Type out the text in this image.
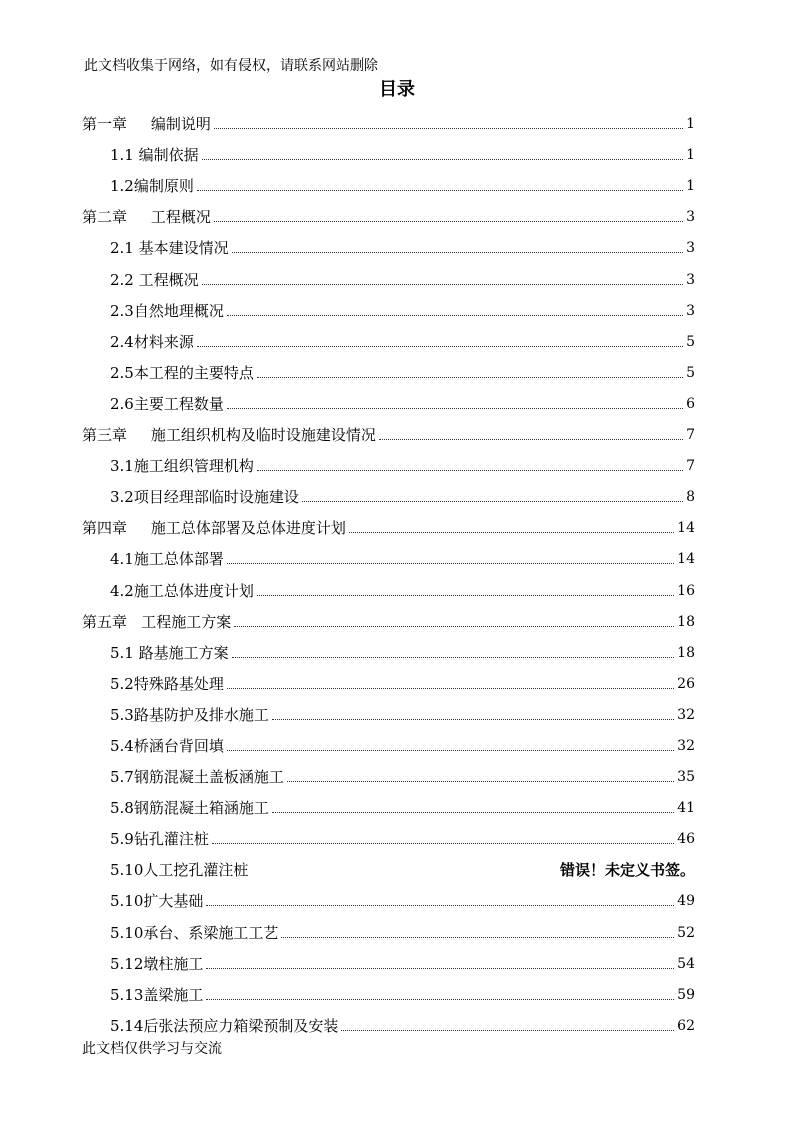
此文档收集于网络，如有侵权，请联系网站删除
目录
第一章     编制说明	1
1.1 编制依据	1
1.2编制原则	1
第二章     工程概况	3
2.1 基本建设情况	3
2.2 工程概况	3
2.3自然地理概况	3
2.4材料来源	5
2.5本工程的主要特点	5
2.6主要工程数量	6
第三章     施工组织机构及临时设施建设情况	7
3.1施工组织管理机构	7
3.2项目经理部临时设施建设	8
第四章     施工总体部署及总体进度计划	14
4.1施工总体部署	14
4.2施工总体进度计划	16
第五章   工程施工方案	18
5.1 路基施工方案	18
5.2特殊路基处理	26
5.3路基防护及排水施工	32
5.4桥涵台背回填	32
5.7钢筋混凝土盖板涵施工	35
5.8钢筋混凝土箱涵施工	41
5.9钻孔灌注桩	46
5.10人工挖孔灌注桩	错误！未定义书签。
5.10扩大基础	49
5.10承台、系梁施工工艺	52
5.12墩柱施工	54
5.13盖梁施工	59
5.14后张法预应力箱梁预制及安装	62
此文档仅供学习与交流
